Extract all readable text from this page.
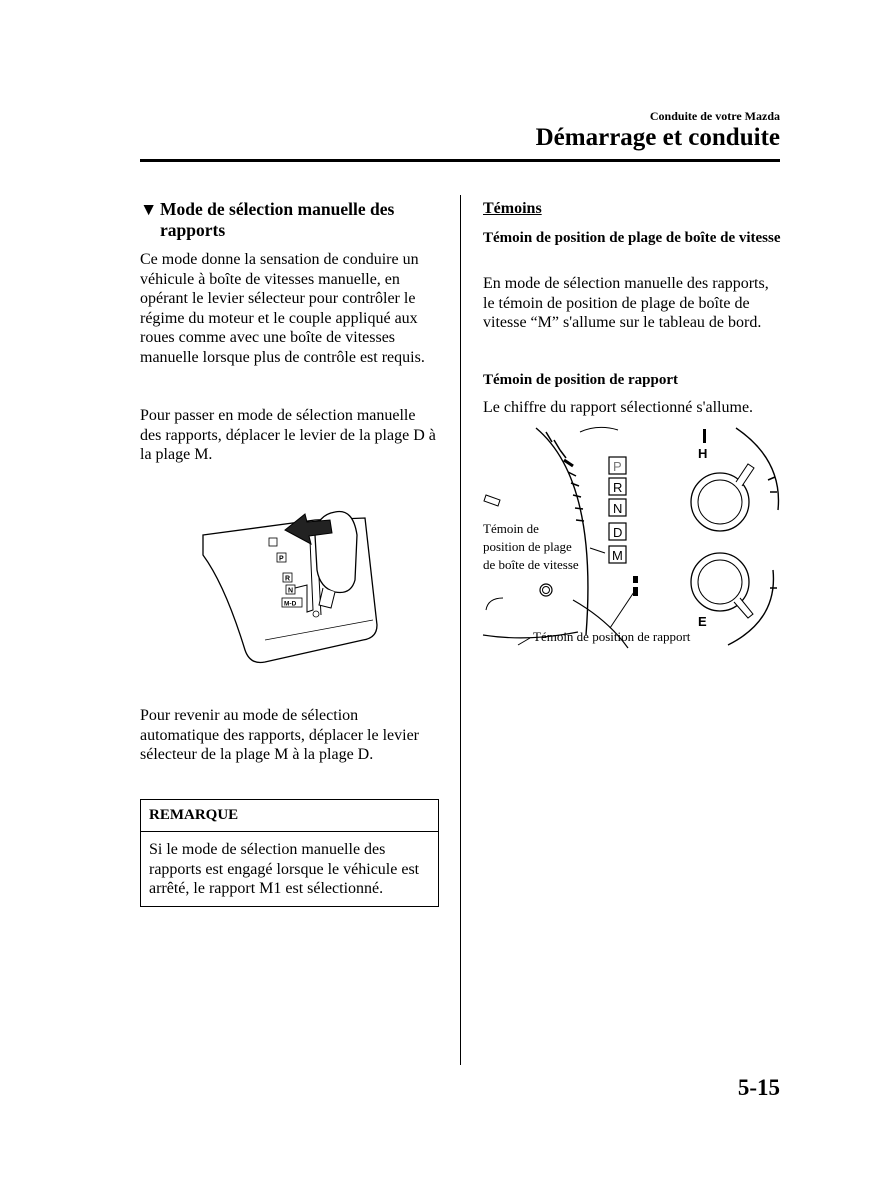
Conduite de votre Mazda
Démarrage et conduite
▼ Mode de sélection manuelle des
rapports
Ce mode donne la sensation de conduire un véhicule à boîte de vitesses manuelle, en opérant le levier sélecteur pour contrôler le régime du moteur et le couple appliqué aux roues comme avec une boîte de vitesses manuelle lorsque plus de contrôle est requis.
Pour passer en mode de sélection manuelle des rapports, déplacer le levier de la plage D à la plage M.
P
R
N
M-D
Pour revenir au mode de sélection automatique des rapports, déplacer le levier sélecteur de la plage M à la plage D.
REMARQUE
Si le mode de sélection manuelle des rapports est engagé lorsque le véhicule est arrêté, le rapport M1 est sélectionné.
Témoins
Témoin de position de plage de boîte de vitesse
En mode de sélection manuelle des rapports, le témoin de position de plage de boîte de vitesse “M” s'allume sur le tableau de bord.
Témoin de position de rapport
Le chiffre du rapport sélectionné s'allume.
P
R
N
D
M
H
E
Témoin de
position de plage
de boîte de vitesse
Témoin de position de rapport
5-15
